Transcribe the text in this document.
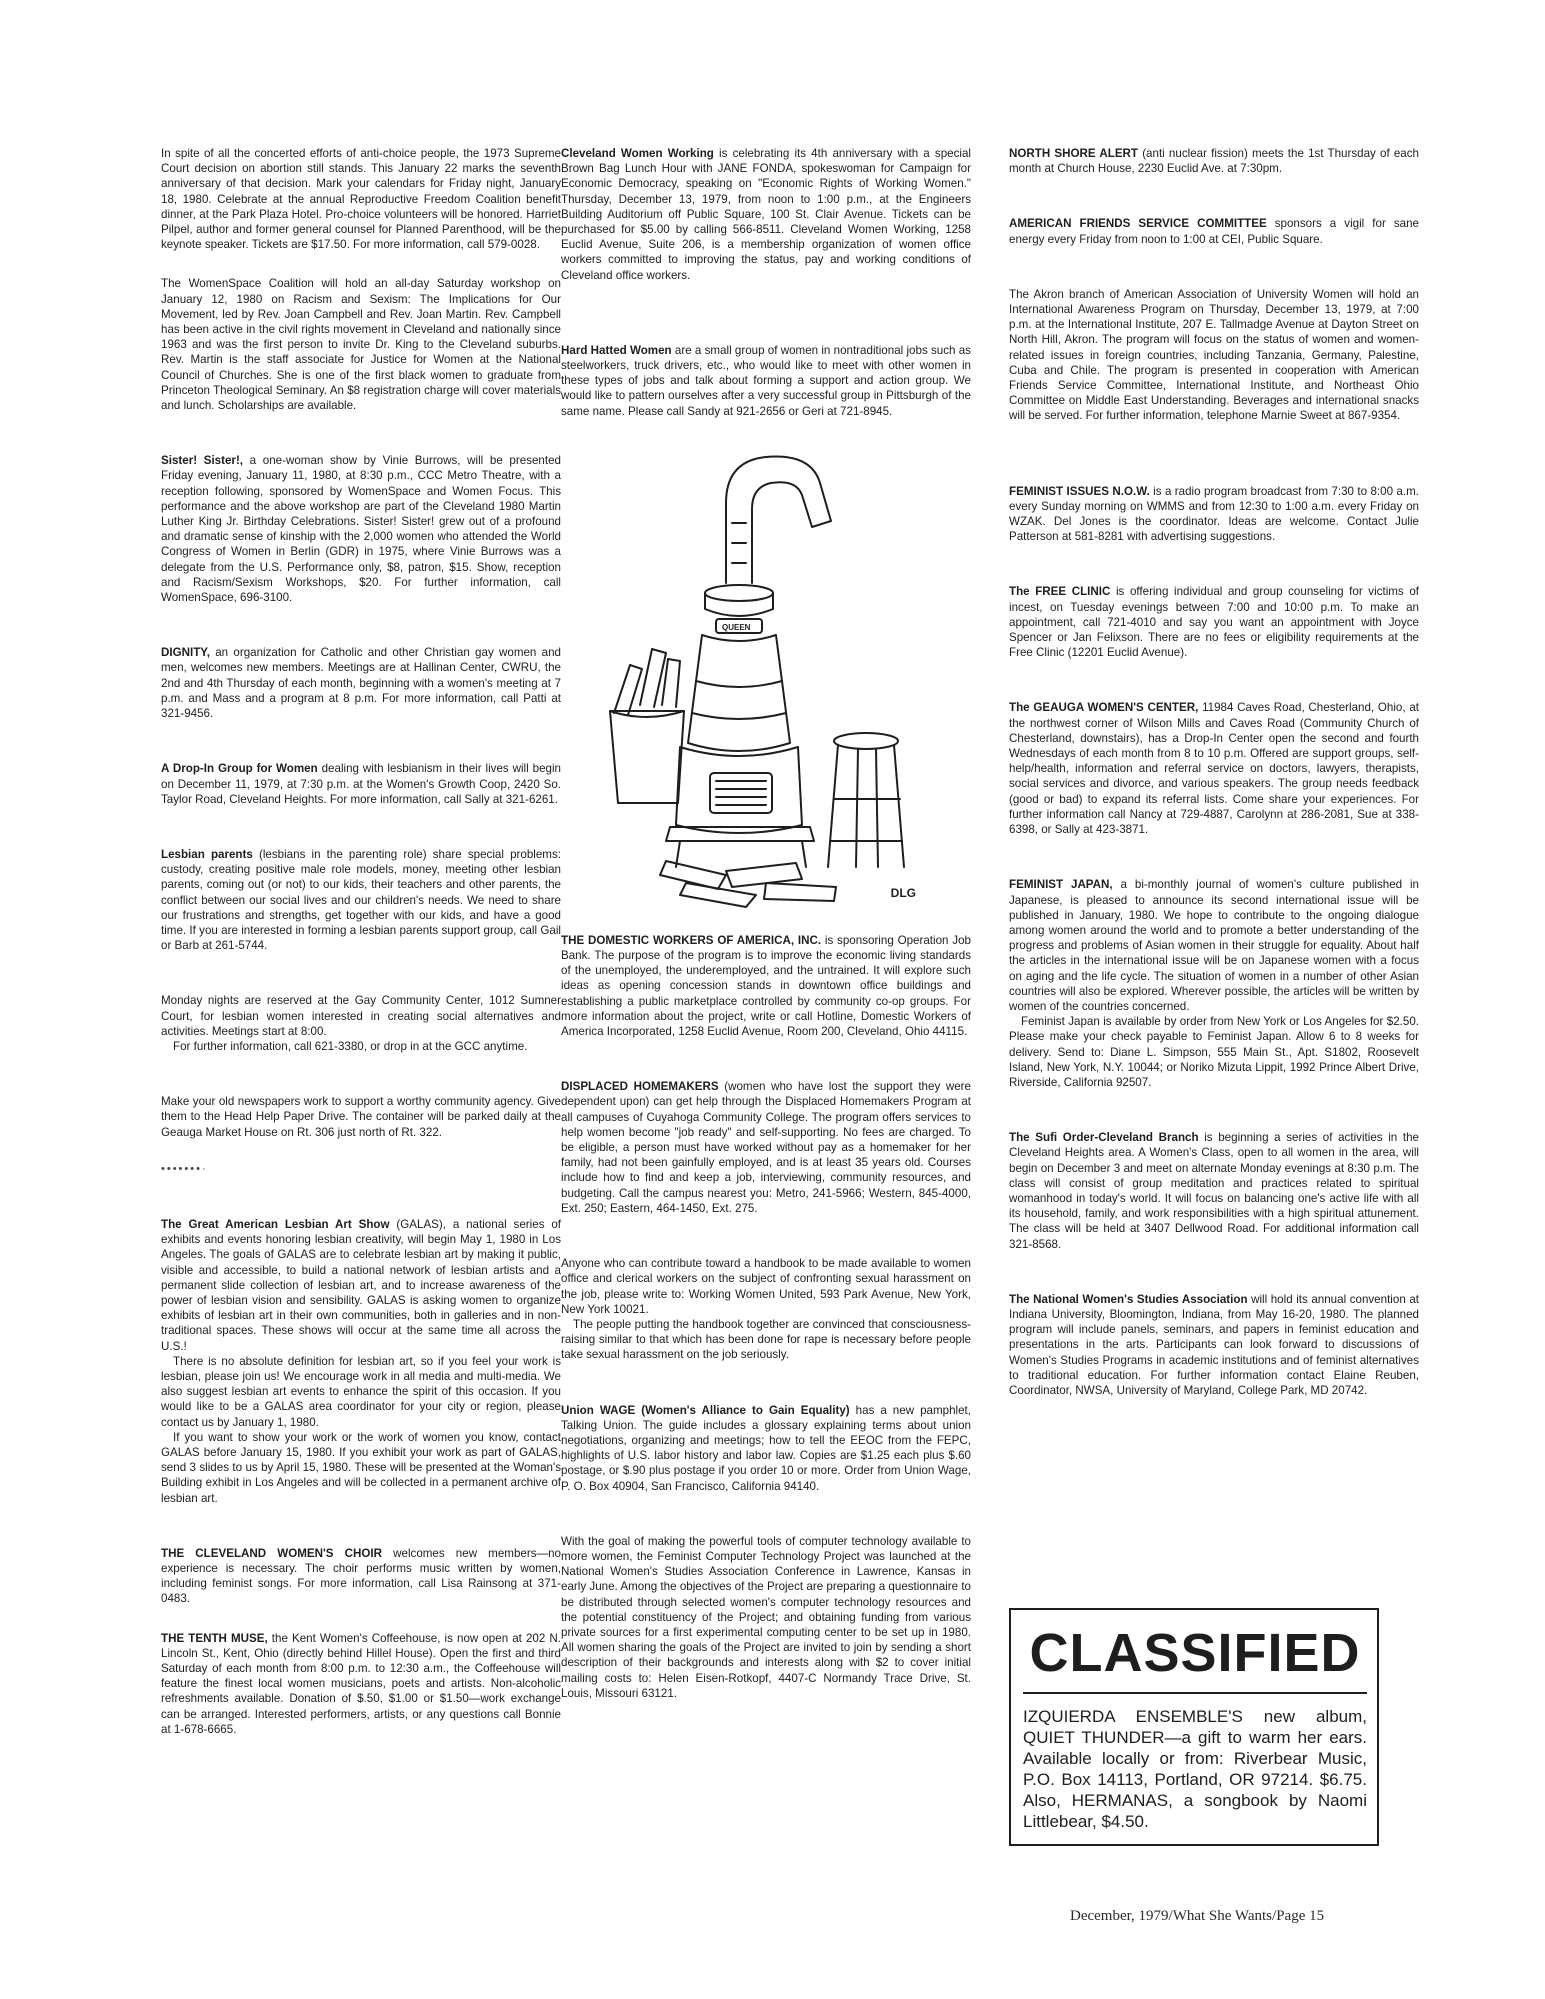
In spite of all the concerted efforts of anti-choice people, the 1973 Supreme Court decision on abortion still stands. This January 22 marks the seventh anniversary of that decision. Mark your calendars for Friday night, January 18, 1980. Celebrate at the annual Reproductive Freedom Coalition benefit dinner, at the Park Plaza Hotel. Pro-choice volunteers will be honored. Harriet Pilpel, author and former general counsel for Planned Parenthood, will be the keynote speaker. Tickets are $17.50. For more information, call 579-0028.

The WomenSpace Coalition will hold an all-day Saturday workshop on January 12, 1980 on Racism and Sexism: The Implications for Our Movement, led by Rev. Joan Campbell and Rev. Joan Martin. Rev. Campbell has been active in the civil rights movement in Cleveland and nationally since 1963 and was the first person to invite Dr. King to the Cleveland suburbs. Rev. Martin is the staff associate for Justice for Women at the National Council of Churches. She is one of the first black women to graduate from Princeton Theological Seminary. An $8 registration charge will cover materials and lunch. Scholarships are available.

Sister! Sister!, a one-woman show by Vinie Burrows, will be presented Friday evening, January 11, 1980, at 8:30 p.m., CCC Metro Theatre, with a reception following, sponsored by WomenSpace and Women Focus. This performance and the above workshop are part of the Cleveland 1980 Martin Luther King Jr. Birthday Celebrations. Sister! Sister! grew out of a profound and dramatic sense of kinship with the 2,000 women who attended the World Congress of Women in Berlin (GDR) in 1975, where Vinie Burrows was a delegate from the U.S. Performance only, $8, patron, $15. Show, reception and Racism/Sexism Workshops, $20. For further information, call WomenSpace, 696-3100.

DIGNITY, an organization for Catholic and other Christian gay women and men, welcomes new members. Meetings are at Hallinan Center, CWRU, the 2nd and 4th Thursday of each month, beginning with a women's meeting at 7 p.m. and Mass and a program at 8 p.m. For more information, call Patti at 321-9456.

A Drop-In Group for Women dealing with lesbianism in their lives will begin on December 11, 1979, at 7:30 p.m. at the Women's Growth Coop, 2420 So. Taylor Road, Cleveland Heights. For more information, call Sally at 321-6261.

Lesbian parents (lesbians in the parenting role) share special problems: custody, creating positive male role models, money, meeting other lesbian parents, coming out (or not) to our kids, their teachers and other parents, the conflict between our social lives and our children's needs. We need to share our frustrations and strengths, get together with our kids, and have a good time. If you are interested in forming a lesbian parents support group, call Gail or Barb at 261-5744.

Monday nights are reserved at the Gay Community Center, 1012 Sumner Court, for lesbian women interested in creating social alternatives and activities. Meetings start at 8:00.

For further information, call 621-3380, or drop in at the GCC anytime.

Make your old newspapers work to support a worthy community agency. Give them to the Head Help Paper Drive. The container will be parked daily at the Geauga Market House on Rt. 306 just north of Rt. 322.

•••••••·

The Great American Lesbian Art Show (GALAS), a national series of exhibits and events honoring lesbian creativity, will begin May 1, 1980 in Los Angeles. The goals of GALAS are to celebrate lesbian art by making it public, visible and accessible, to build a national network of lesbian artists and a permanent slide collection of lesbian art, and to increase awareness of the power of lesbian vision and sensibility. GALAS is asking women to organize exhibits of lesbian art in their own communities, both in galleries and in non-traditional spaces. These shows will occur at the same time all across the U.S.!

There is no absolute definition for lesbian art, so if you feel your work is lesbian, please join us! We encourage work in all media and multi-media. We also suggest lesbian art events to enhance the spirit of this occasion. If you would like to be a GALAS area coordinator for your city or region, please contact us by January 1, 1980.

If you want to show your work or the work of women you know, contact GALAS before January 15, 1980. If you exhibit your work as part of GALAS, send 3 slides to us by April 15, 1980. These will be presented at the Woman's Building exhibit in Los Angeles and will be collected in a permanent archive of lesbian art.

THE CLEVELAND WOMEN'S CHOIR welcomes new members—no experience is necessary. The choir performs music written by women, including feminist songs. For more information, call Lisa Rainsong at 371-0483.

THE TENTH MUSE, the Kent Women's Coffeehouse, is now open at 202 N. Lincoln St., Kent, Ohio (directly behind Hillel House). Open the first and third Saturday of each month from 8:00 p.m. to 12:30 a.m., the Coffeehouse will feature the finest local women musicians, poets and artists. Non-alcoholic refreshments available. Donation of $.50, $1.00 or $1.50—work exchange can be arranged. Interested performers, artists, or any questions call Bonnie at 1-678-6665.

Cleveland Women Working is celebrating its 4th anniversary with a special Brown Bag Lunch Hour with JANE FONDA, spokeswoman for Campaign for Economic Democracy, speaking on "Economic Rights of Working Women." Thursday, December 13, 1979, from noon to 1:00 p.m., at the Engineers Building Auditorium off Public Square, 100 St. Clair Avenue. Tickets can be purchased for $5.00 by calling 566-8511. Cleveland Women Working, 1258 Euclid Avenue, Suite 206, is a membership organization of women office workers committed to improving the status, pay and working conditions of Cleveland office workers.

Hard Hatted Women are a small group of women in nontraditional jobs such as steelworkers, truck drivers, etc., who would like to meet with other women in these types of jobs and talk about forming a support and action group. We would like to pattern ourselves after a very successful group in Pittsburgh of the same name. Please call Sandy at 921-2656 or Geri at 721-8945.

QUEEN
DLG

THE DOMESTIC WORKERS OF AMERICA, INC. is sponsoring Operation Job Bank. The purpose of the program is to improve the economic living standards of the unemployed, the underemployed, and the untrained. It will explore such ideas as opening concession stands in downtown office buildings and establishing a public marketplace controlled by community co-op groups. For more information about the project, write or call Hotline, Domestic Workers of America Incorporated, 1258 Euclid Avenue, Room 200, Cleveland, Ohio 44115.

DISPLACED HOMEMAKERS (women who have lost the support they were dependent upon) can get help through the Displaced Homemakers Program at all campuses of Cuyahoga Community College. The program offers services to help women become "job ready" and self-supporting. No fees are charged. To be eligible, a person must have worked without pay as a homemaker for her family, had not been gainfully employed, and is at least 35 years old. Courses include how to find and keep a job, interviewing, community resources, and budgeting. Call the campus nearest you: Metro, 241-5966; Western, 845-4000, Ext. 250; Eastern, 464-1450, Ext. 275.

Anyone who can contribute toward a handbook to be made available to women office and clerical workers on the subject of confronting sexual harassment on the job, please write to: Working Women United, 593 Park Avenue, New York, New York 10021.

The people putting the handbook together are convinced that consciousness-raising similar to that which has been done for rape is necessary before people take sexual harassment on the job seriously.

Union WAGE (Women's Alliance to Gain Equality) has a new pamphlet, Talking Union. The guide includes a glossary explaining terms about union negotiations, organizing and meetings; how to tell the EEOC from the FEPC, highlights of U.S. labor history and labor law. Copies are $1.25 each plus $.60 postage, or $.90 plus postage if you order 10 or more. Order from Union Wage, P. O. Box 40904, San Francisco, California 94140.

With the goal of making the powerful tools of computer technology available to more women, the Feminist Computer Technology Project was launched at the National Women's Studies Association Conference in Lawrence, Kansas in early June. Among the objectives of the Project are preparing a questionnaire to be distributed through selected women's computer technology resources and the potential constituency of the Project; and obtaining funding from various private sources for a first experimental computing center to be set up in 1980. All women sharing the goals of the Project are invited to join by sending a short description of their backgrounds and interests along with $2 to cover initial mailing costs to: Helen Eisen-Rotkopf, 4407-C Normandy Trace Drive, St. Louis, Missouri 63121.

NORTH SHORE ALERT (anti nuclear fission) meets the 1st Thursday of each month at Church House, 2230 Euclid Ave. at 7:30pm.

AMERICAN FRIENDS SERVICE COMMITTEE sponsors a vigil for sane energy every Friday from noon to 1:00 at CEI, Public Square.

The Akron branch of American Association of University Women will hold an International Awareness Program on Thursday, December 13, 1979, at 7:00 p.m. at the International Institute, 207 E. Tallmadge Avenue at Dayton Street on North Hill, Akron. The program will focus on the status of women and women-related issues in foreign countries, including Tanzania, Germany, Palestine, Cuba and Chile. The program is presented in cooperation with American Friends Service Committee, International Institute, and Northeast Ohio Committee on Middle East Understanding. Beverages and international snacks will be served. For further information, telephone Marnie Sweet at 867-9354.

FEMINIST ISSUES N.O.W. is a radio program broadcast from 7:30 to 8:00 a.m. every Sunday morning on WMMS and from 12:30 to 1:00 a.m. every Friday on WZAK. Del Jones is the coordinator. Ideas are welcome. Contact Julie Patterson at 581-8281 with advertising suggestions.

The FREE CLINIC is offering individual and group counseling for victims of incest, on Tuesday evenings between 7:00 and 10:00 p.m. To make an appointment, call 721-4010 and say you want an appointment with Joyce Spencer or Jan Felixson. There are no fees or eligibility requirements at the Free Clinic (12201 Euclid Avenue).

The GEAUGA WOMEN'S CENTER, 11984 Caves Road, Chesterland, Ohio, at the northwest corner of Wilson Mills and Caves Road (Community Church of Chesterland, downstairs), has a Drop-In Center open the second and fourth Wednesdays of each month from 8 to 10 p.m. Offered are support groups, self-help/health, information and referral service on doctors, lawyers, therapists, social services and divorce, and various speakers. The group needs feedback (good or bad) to expand its referral lists. Come share your experiences. For further information call Nancy at 729-4887, Carolynn at 286-2081, Sue at 338-6398, or Sally at 423-3871.

FEMINIST JAPAN, a bi-monthly journal of women's culture published in Japanese, is pleased to announce its second international issue will be published in January, 1980. We hope to contribute to the ongoing dialogue among women around the world and to promote a better understanding of the progress and problems of Asian women in their struggle for equality. About half the articles in the international issue will be on Japanese women with a focus on aging and the life cycle. The situation of women in a number of other Asian countries will also be explored. Wherever possible, the articles will be written by women of the countries concerned.

Feminist Japan is available by order from New York or Los Angeles for $2.50. Please make your check payable to Feminist Japan. Allow 6 to 8 weeks for delivery. Send to: Diane L. Simpson, 555 Main St., Apt. S1802, Roosevelt Island, New York, N.Y. 10044; or Noriko Mizuta Lippit, 1992 Prince Albert Drive, Riverside, California 92507.

The Sufi Order-Cleveland Branch is beginning a series of activities in the Cleveland Heights area. A Women's Class, open to all women in the area, will begin on December 3 and meet on alternate Monday evenings at 8:30 p.m. The class will consist of group meditation and practices related to spiritual womanhood in today's world. It will focus on balancing one's active life with all its household, family, and work responsibilities with a high spiritual attunement. The class will be held at 3407 Dellwood Road. For additional information call 321-8568.

The National Women's Studies Association will hold its annual convention at Indiana University, Bloomington, Indiana, from May 16-20, 1980. The planned program will include panels, seminars, and papers in feminist education and presentations in the arts. Participants can look forward to discussions of Women's Studies Programs in academic institutions and of feminist alternatives to traditional education. For further information contact Elaine Reuben, Coordinator, NWSA, University of Maryland, College Park, MD 20742.

CLASSIFIED
IZQUIERDA ENSEMBLE'S new album, QUIET THUNDER—a gift to warm her ears. Available locally or from: Riverbear Music, P.O. Box 14113, Portland, OR 97214. $6.75. Also, HERMANAS, a songbook by Naomi Littlebear, $4.50.
December, 1979/What She Wants/Page 15
